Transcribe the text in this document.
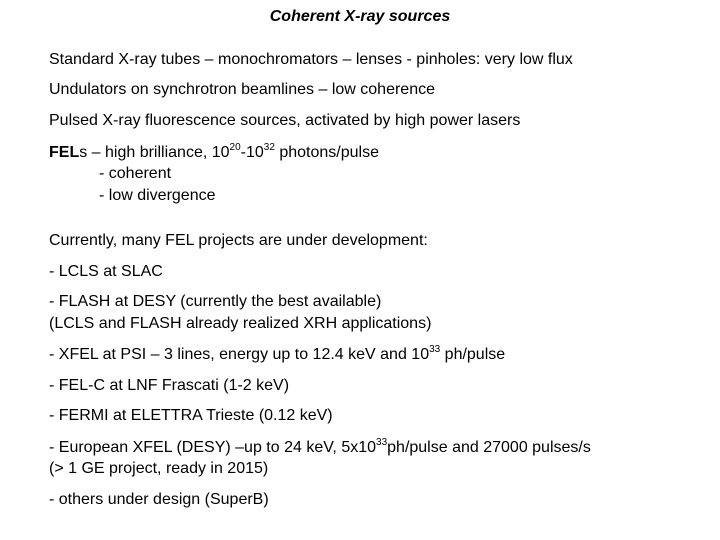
Coherent X-ray sources
Standard X-ray tubes – monochromators – lenses - pinholes: very low flux
Undulators on synchrotron beamlines – low coherence
Pulsed X-ray fluorescence sources, activated by high power lasers
FELs – high brilliance, $10^{20}-10^{32}$ photons/pulse
- coherent
- low divergence
Currently, many FEL projects are under development:
- LCLS at SLAC
- FLASH at DESY (currently the best available)
(LCLS and FLASH already realized XRH applications)
- XFEL at PSI – 3 lines, energy up to 12.4 keV and $10^{33}$ ph/pulse
- FEL-C at LNF Frascati (1-2 keV)
- FERMI at ELETTRA Trieste (0.12 keV)
- European XFEL (DESY) –up to 24 keV, $5x10^{33}ph$/pulse and 27000 pulses/s
(> 1 GE project, ready in 2015)
- others under design (SuperB)
